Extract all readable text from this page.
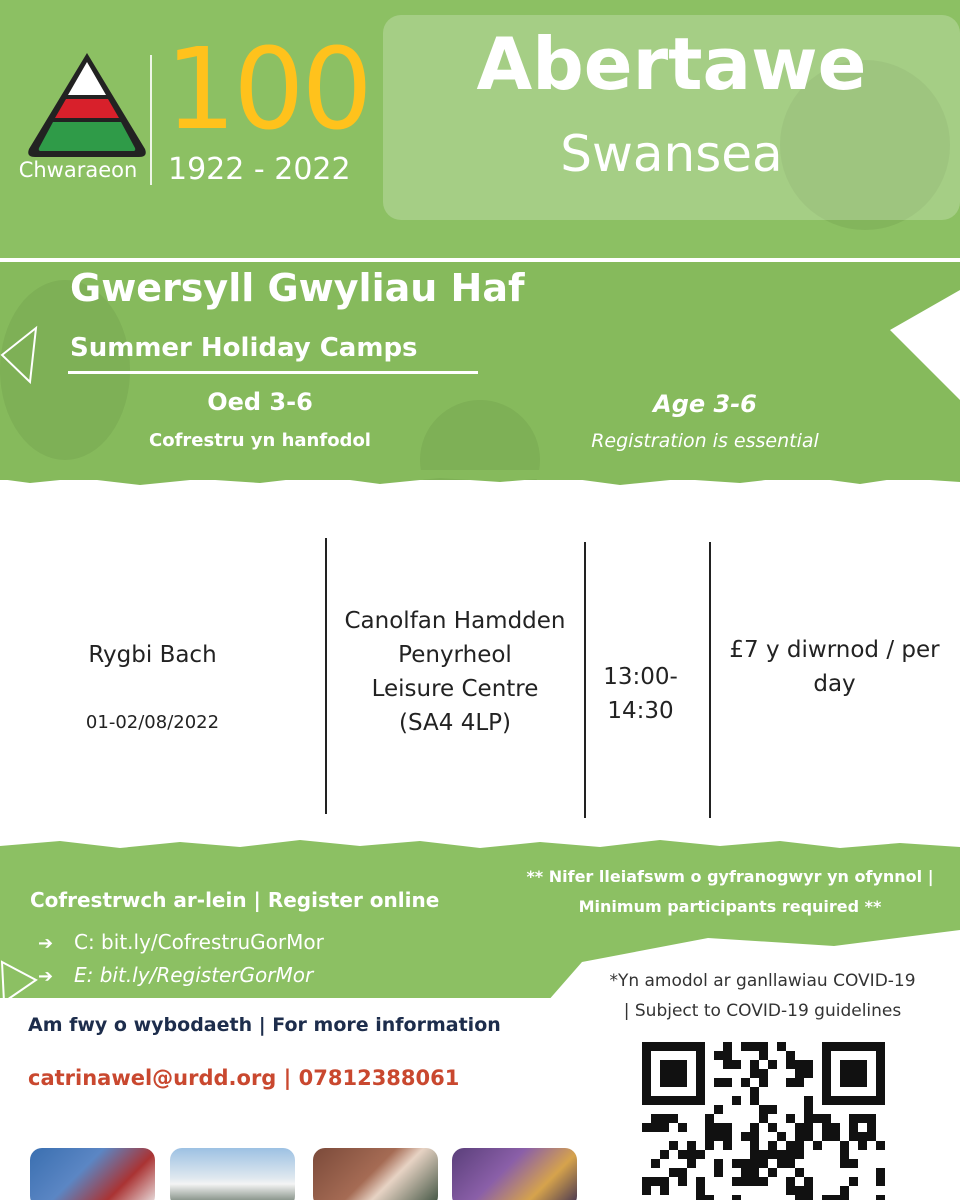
Chwaraeon
100
1922 - 2022
Abertawe
Swansea
Gwersyll Gwyliau Haf
Summer Holiday Camps
Oed 3-6
Cofrestru yn hanfodol
Age 3-6
Registration is essential
Rygbi Bach
01-02/08/2022
Canolfan Hamdden
Penyrheol
Leisure Centre
(SA4 4LP)
13:00-
14:30
£7 y diwrnod / per
day
Cofrestrwch ar-lein | Register online
➔ C: bit.ly/CofrestruGorMor
➔ E: bit.ly/RegisterGorMor
** Nifer lleiafswm o gyfranogwyr yn ofynnol |
Minimum participants required **
*Yn amodol ar ganllawiau COVID-19
| Subject to COVID-19 guidelines
Am fwy o wybodaeth | For more information
catrinawel@urdd.org | 07812388061
